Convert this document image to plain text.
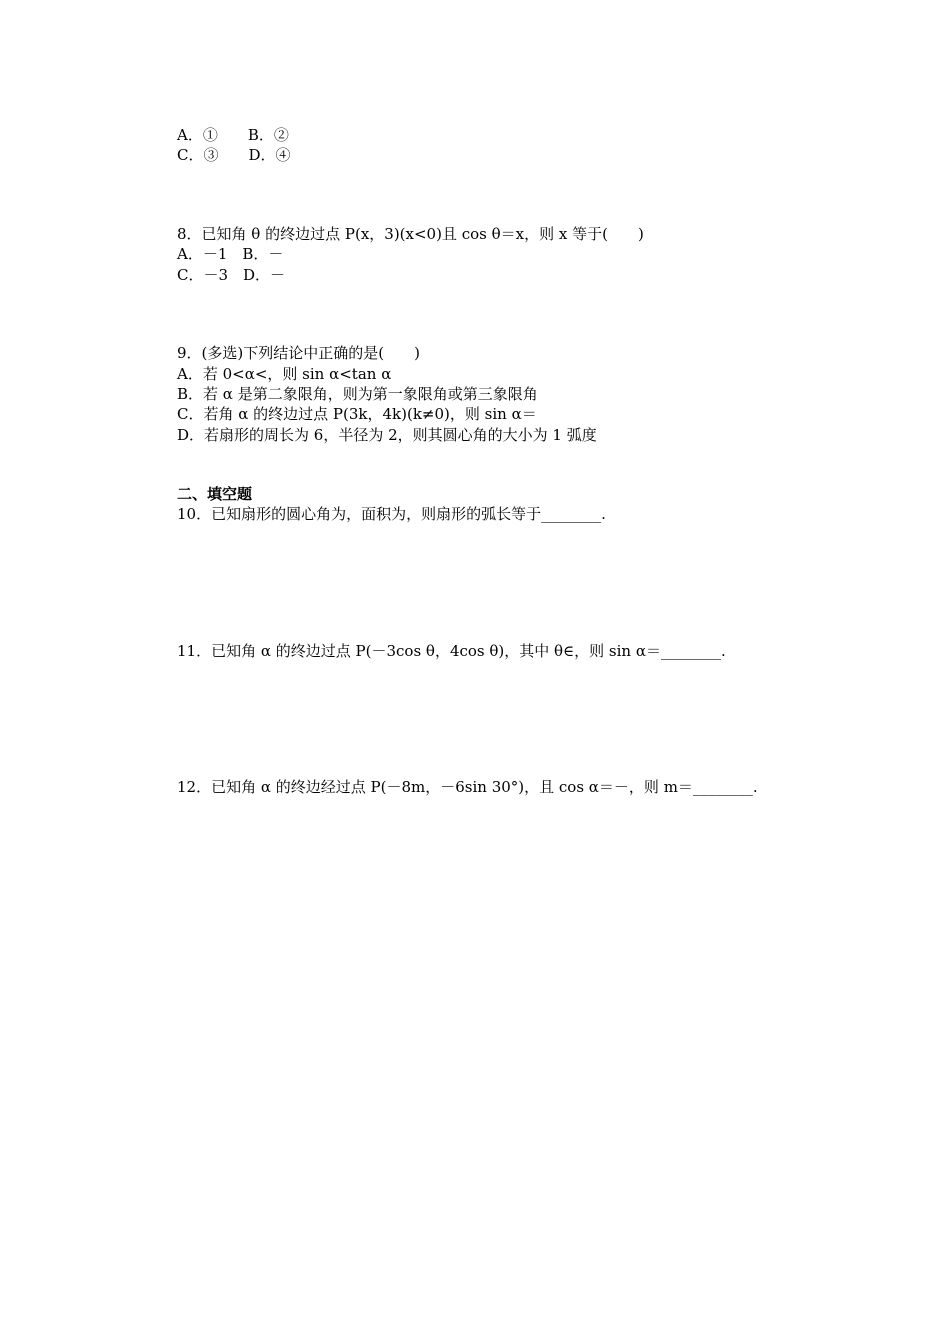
A．①　　B．②
C．③　　D．④
8．已知角 θ 的终边过点 P(x，3)(x<0)且 cos θ＝x，则 x 等于(　　)
A．－1　B．－
C．－3　D．－
9．(多选)下列结论中正确的是(　　)
A．若 0<α<，则 sin α<tan α
B．若 α 是第二象限角，则为第一象限角或第三象限角
C．若角 α 的终边过点 P(3k，4k)(k≠0)，则 sin α＝
D．若扇形的周长为 6，半径为 2，则其圆心角的大小为 1 弧度
二、填空题
10．已知扇形的圆心角为，面积为，则扇形的弧长等于________.
11．已知角 α 的终边过点 P(－3cos θ，4cos θ)，其中 θ∈，则 sin α＝________.
12．已知角 α 的终边经过点 P(－8m，－6sin 30°)，且 cos α＝－，则 m＝________.
